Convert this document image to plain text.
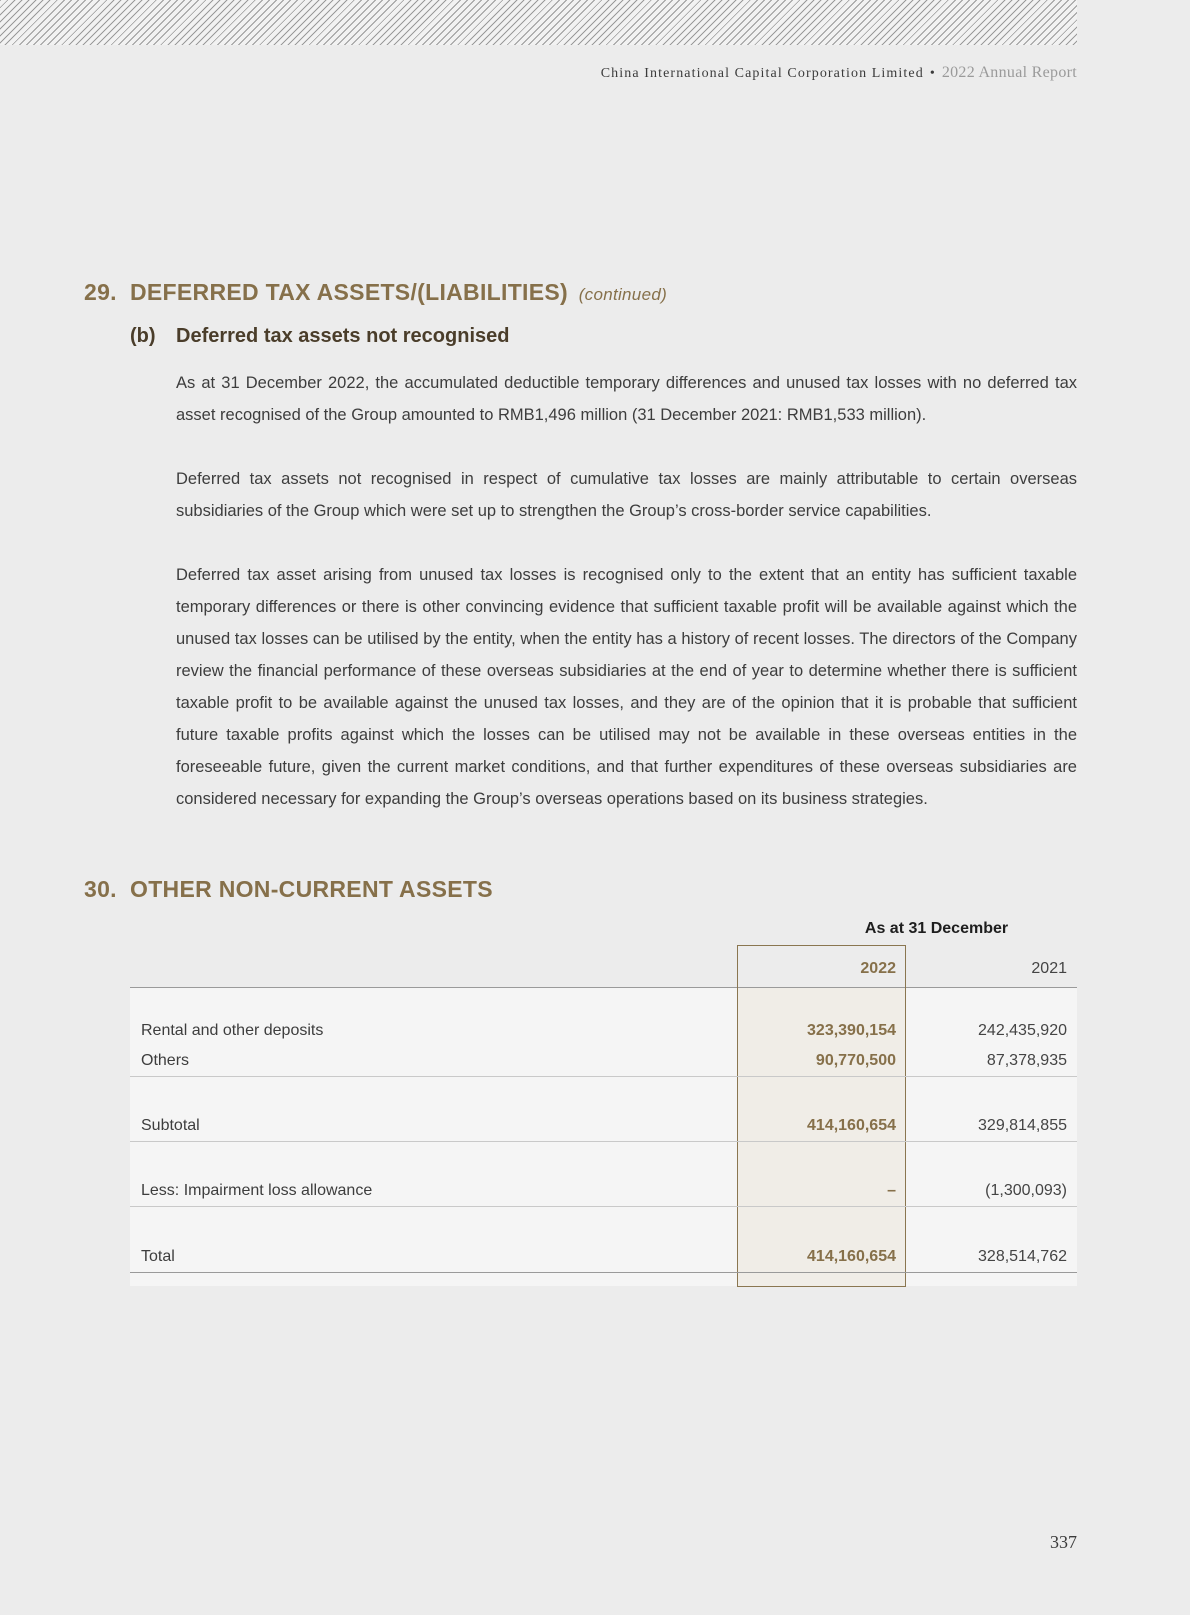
China International Capital Corporation Limited • 2022 Annual Report
29. DEFERRED TAX ASSETS/(LIABILITIES) (continued)
(b) Deferred tax assets not recognised

As at 31 December 2022, the accumulated deductible temporary differences and unused tax losses with no deferred tax asset recognised of the Group amounted to RMB1,496 million (31 December 2021: RMB1,533 million).

Deferred tax assets not recognised in respect of cumulative tax losses are mainly attributable to certain overseas subsidiaries of the Group which were set up to strengthen the Group’s cross-border service capabilities.

Deferred tax asset arising from unused tax losses is recognised only to the extent that an entity has sufficient taxable temporary differences or there is other convincing evidence that sufficient taxable profit will be available against which the unused tax losses can be utilised by the entity, when the entity has a history of recent losses. The directors of the Company review the financial performance of these overseas subsidiaries at the end of year to determine whether there is sufficient taxable profit to be available against the unused tax losses, and they are of the opinion that it is probable that sufficient future taxable profits against which the losses can be utilised may not be available in these overseas entities in the foreseeable future, given the current market conditions, and that further expenditures of these overseas subsidiaries are considered necessary for expanding the Group’s overseas operations based on its business strategies.

30. OTHER NON-CURRENT ASSETS
As at 31 December
2022	2021
Rental and other deposits	323,390,154	242,435,920
Others	90,770,500	87,378,935
Subtotal	414,160,654	329,814,855
Less: Impairment loss allowance	–	(1,300,093)
Total	414,160,654	328,514,762
337
